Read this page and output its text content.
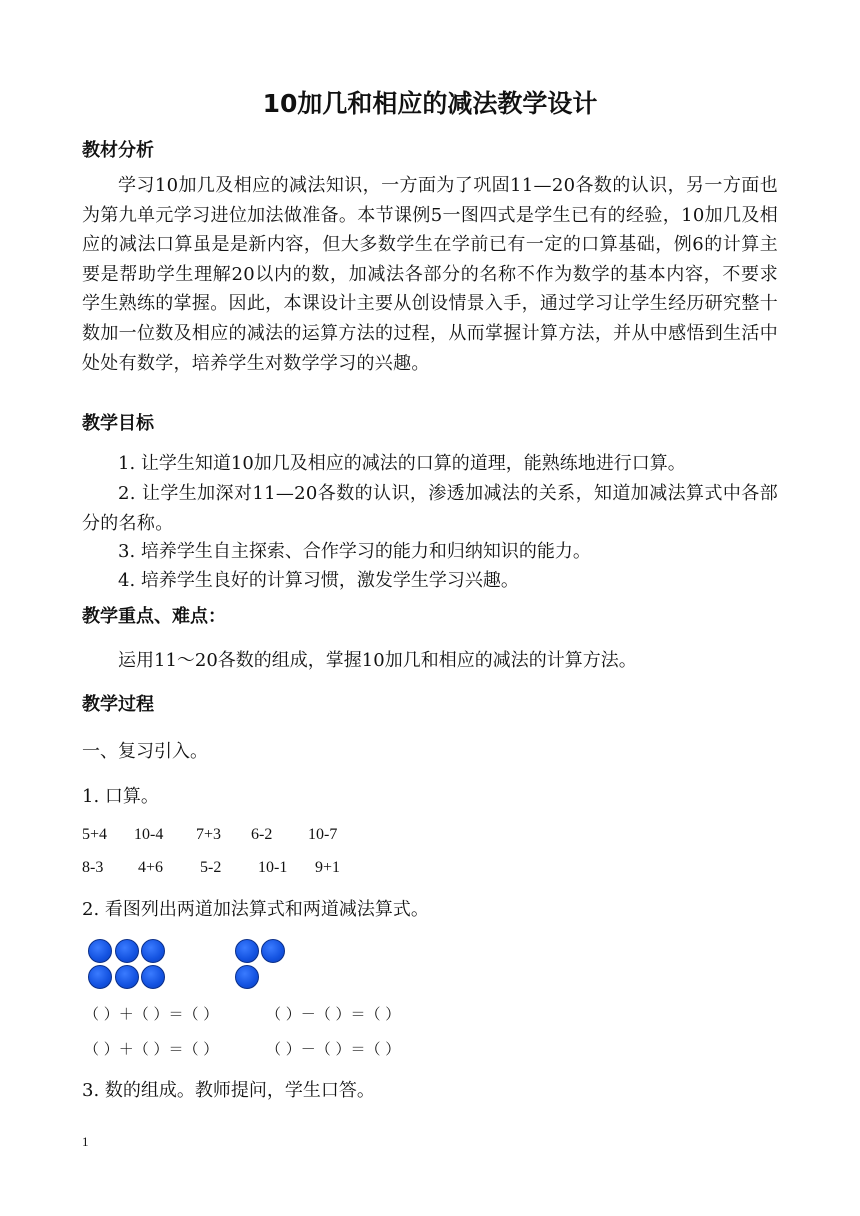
10加几和相应的减法教学设计
教材分析
学习10加几及相应的减法知识，一方面为了巩固11—20各数的认识，另一方面也为第九单元学习进位加法做准备。本节课例5一图四式是学生已有的经验，10加几及相应的减法口算虽是是新内容，但大多数学生在学前已有一定的口算基础，例6的计算主要是帮助学生理解20以内的数，加减法各部分的名称不作为数学的基本内容，不要求学生熟练的掌握。因此，本课设计主要从创设情景入手，通过学习让学生经历研究整十数加一位数及相应的减法的运算方法的过程，从而掌握计算方法，并从中感悟到生活中处处有数学，培养学生对数学学习的兴趣。
教学目标
1. 让学生知道10加几及相应的减法的口算的道理，能熟练地进行口算。
2. 让学生加深对11—20各数的认识，渗透加减法的关系，知道加减法算式中各部分的名称。
3. 培养学生自主探索、合作学习的能力和归纳知识的能力。
4. 培养学生良好的计算习惯，激发学生学习兴趣。
教学重点、难点：
运用11～20各数的组成，掌握10加几和相应的减法的计算方法。
教学过程
一、复习引入。
1. 口算。
5+4 10-4 7+3 6-2 10-7
8-3 4+6 5-2 10-1 9+1
2. 看图列出两道加法算式和两道减法算式。
（ ）＋（ ）＝（ ）	（ ）－（ ）＝（ ）
（ ）＋（ ）＝（ ）	（ ）－（ ）＝（ ）
3. 数的组成。教师提问，学生口答。
1
